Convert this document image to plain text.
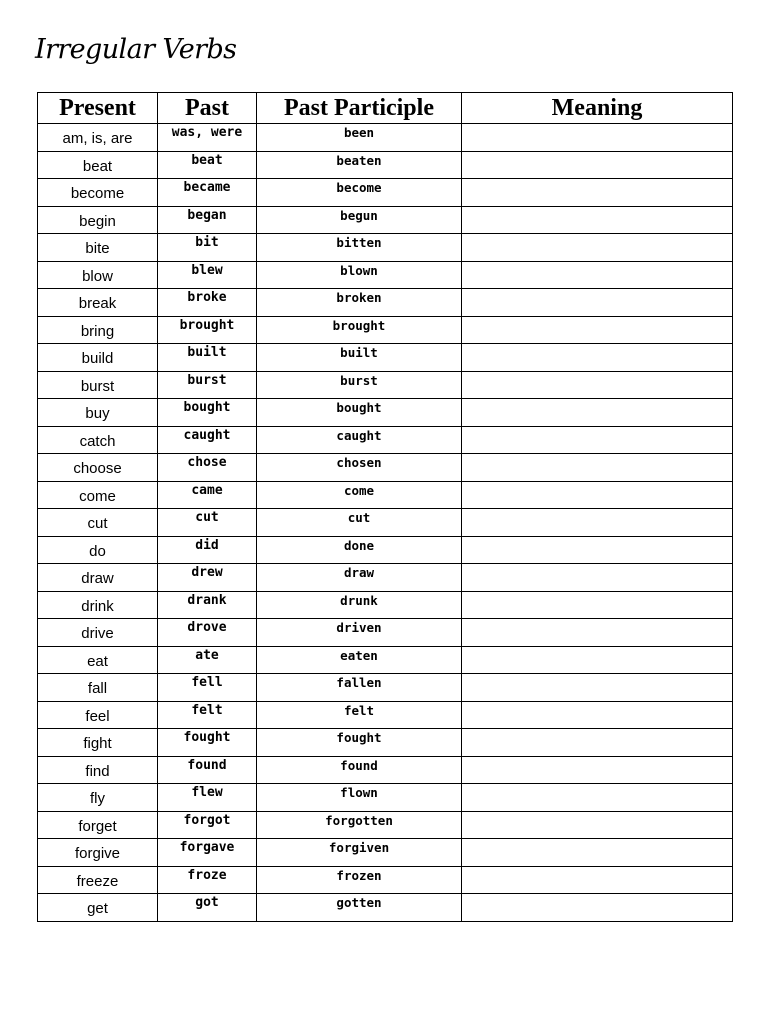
Irregular Verbs
Present	Past	Past Participle	Meaning
am, is, are	was, were	been	
beat	beat	beaten	
become	became	become	
begin	began	begun	
bite	bit	bitten	
blow	blew	blown	
break	broke	broken	
bring	brought	brought	
build	built	built	
burst	burst	burst	
buy	bought	bought	
catch	caught	caught	
choose	chose	chosen	
come	came	come	
cut	cut	cut	
do	did	done	
draw	drew	draw	
drink	drank	drunk	
drive	drove	driven	
eat	ate	eaten	
fall	fell	fallen	
feel	felt	felt	
fight	fought	fought	
find	found	found	
fly	flew	flown	
forget	forgot	forgotten	
forgive	forgave	forgiven	
freeze	froze	frozen	
get	got	gotten	
